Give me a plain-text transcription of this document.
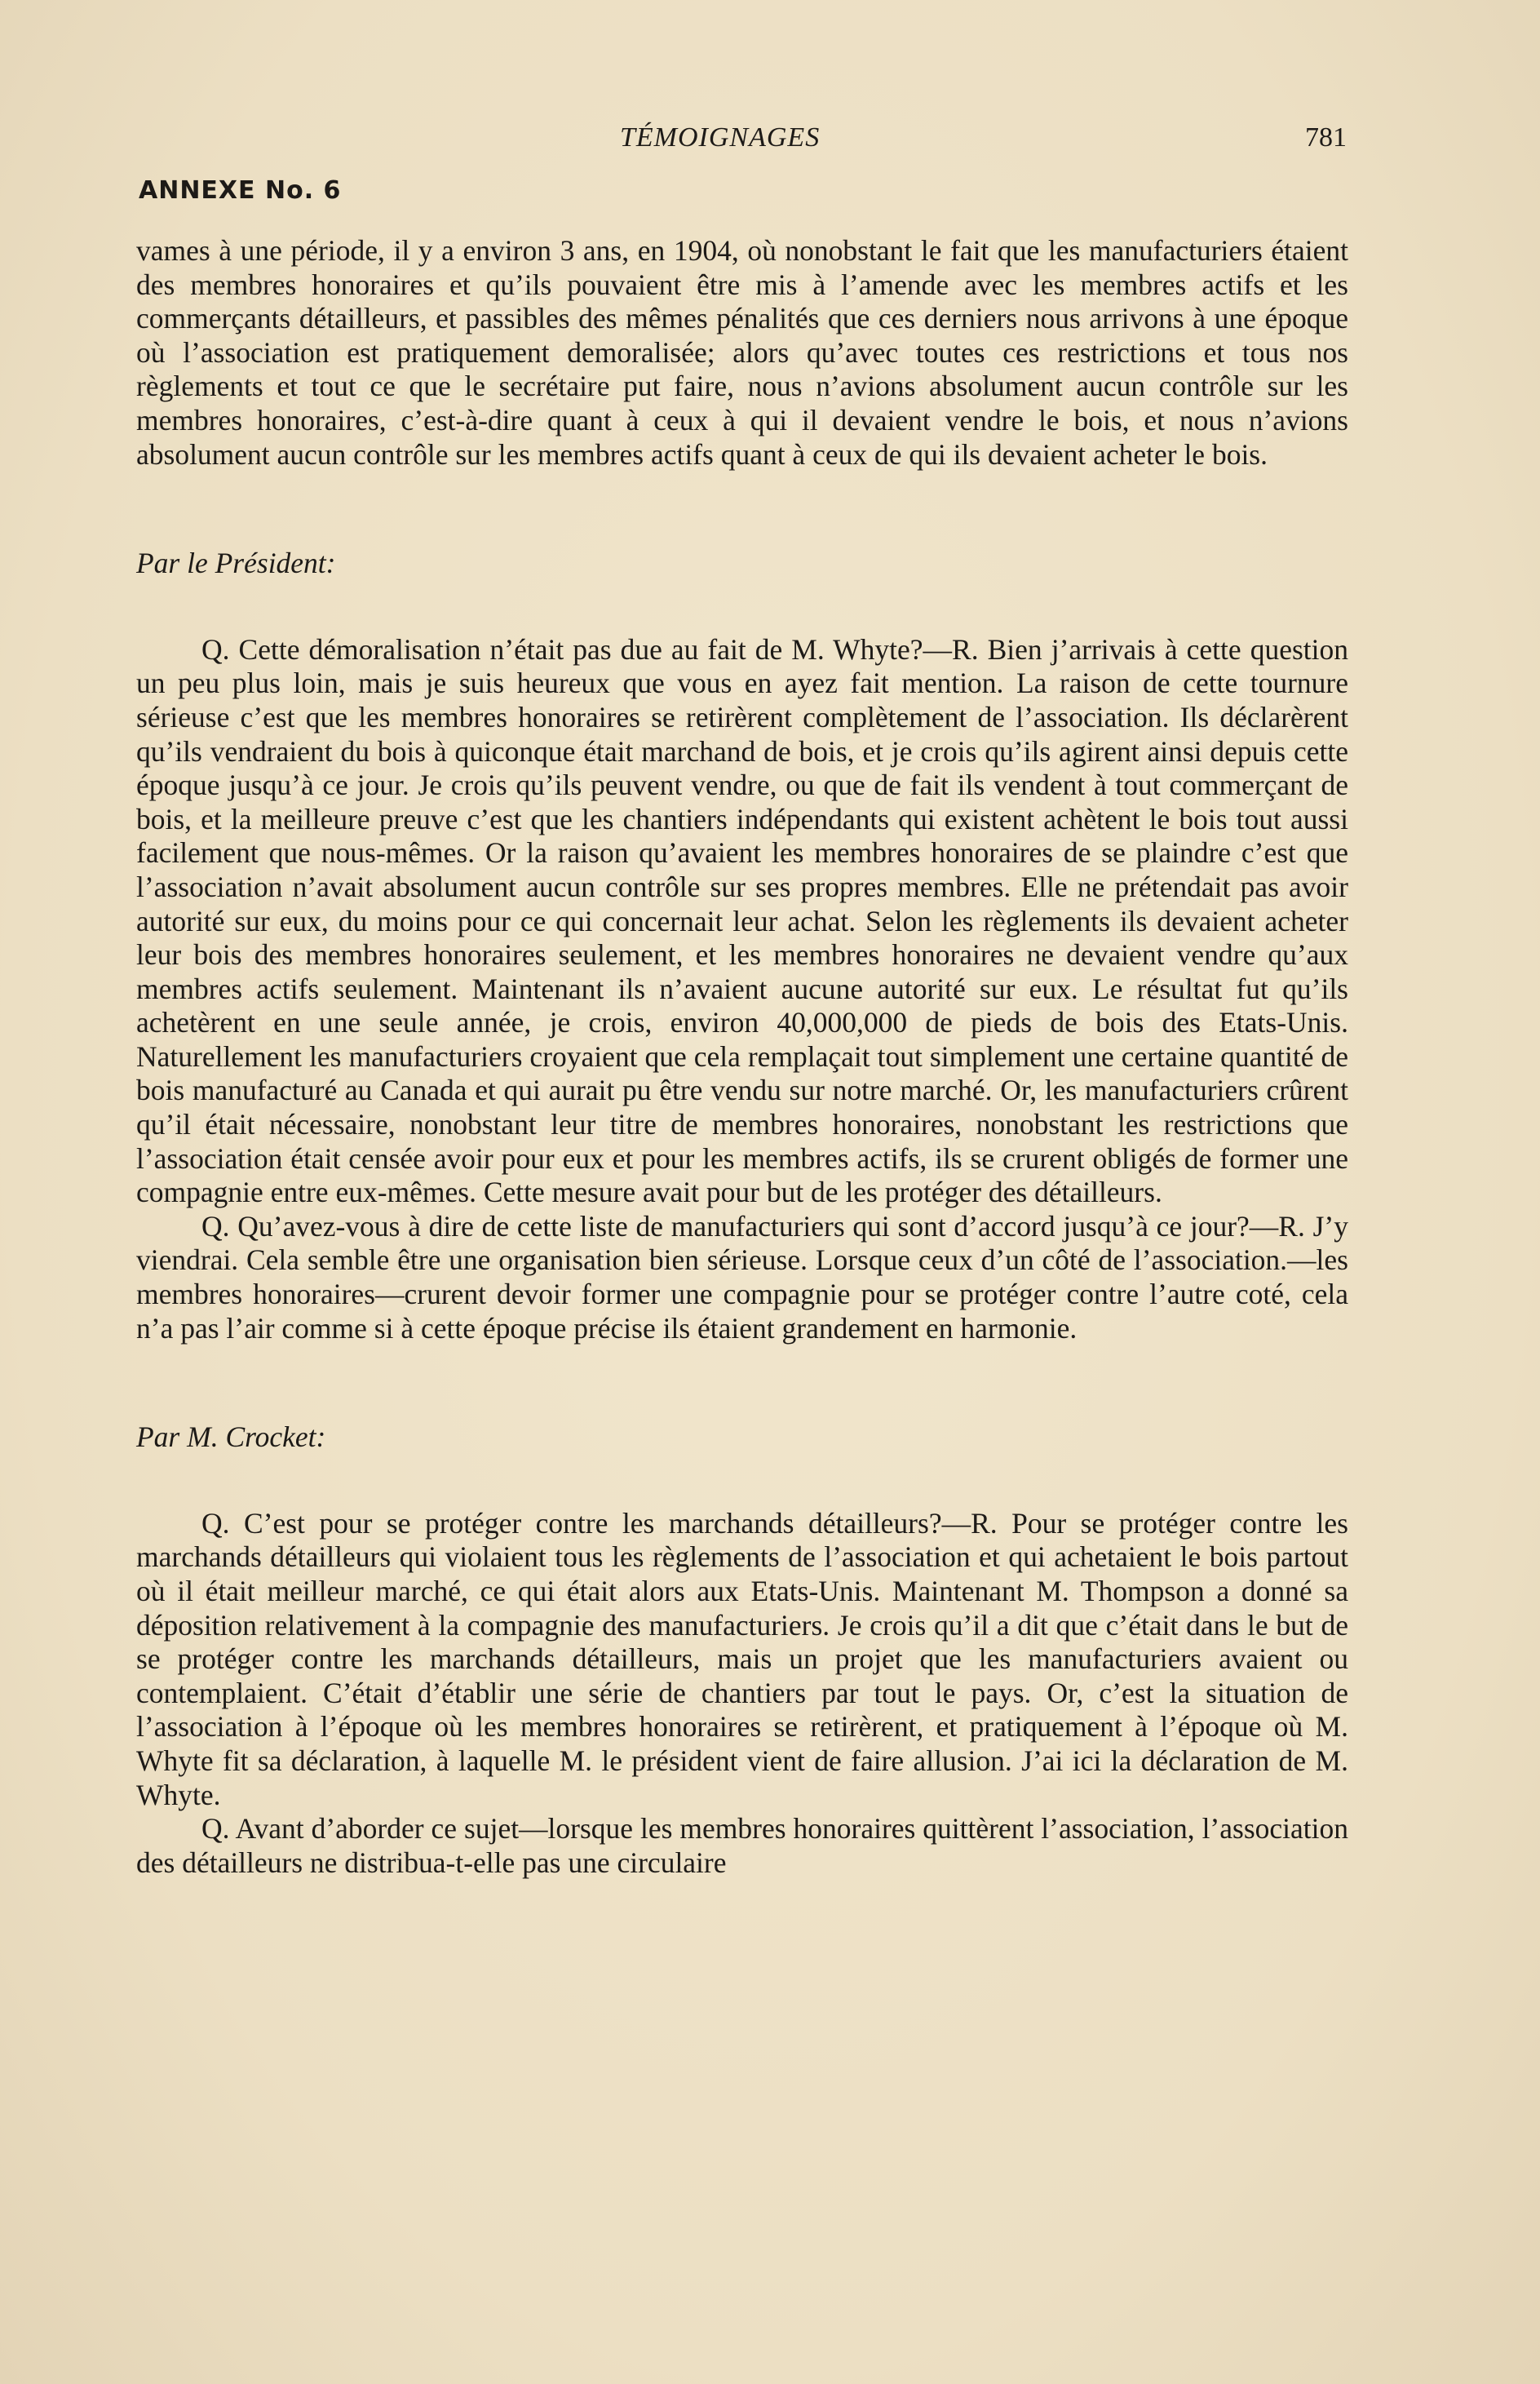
TÉMOIGNAGES	781
ANNEXE No. 6

vames à une période, il y a environ 3 ans, en 1904, où nonobstant le fait que les manufacturiers étaient des membres honoraires et qu’ils pouvaient être mis à l’amende avec les membres actifs et les commerçants détailleurs, et passibles des mêmes pénalités que ces derniers nous arrivons à une époque où l’association est pratiquement demoralisée; alors qu’avec toutes ces restrictions et tous nos règlements et tout ce que le secrétaire put faire, nous n’avions absolument aucun contrôle sur les membres honoraires, c’est-à-dire quant à ceux à qui il devaient vendre le bois, et nous n’avions absolument aucun contrôle sur les membres actifs quant à ceux de qui ils devaient acheter le bois.

Par le Président:

Q. Cette démoralisation n’était pas due au fait de M. Whyte?—R. Bien j’arrivais à cette question un peu plus loin, mais je suis heureux que vous en ayez fait mention. La raison de cette tournure sérieuse c’est que les membres honoraires se retirèrent complètement de l’association. Ils déclarèrent qu’ils vendraient du bois à quiconque était marchand de bois, et je crois qu’ils agirent ainsi depuis cette époque jusqu’à ce jour. Je crois qu’ils peuvent vendre, ou que de fait ils vendent à tout commerçant de bois, et la meilleure preuve c’est que les chantiers indépendants qui existent achètent le bois tout aussi facilement que nous-mêmes. Or la raison qu’avaient les membres honoraires de se plaindre c’est que l’association n’avait absolument aucun contrôle sur ses propres membres. Elle ne prétendait pas avoir autorité sur eux, du moins pour ce qui concernait leur achat. Selon les règlements ils devaient acheter leur bois des membres honoraires seulement, et les membres honoraires ne devaient vendre qu’aux membres actifs seulement. Maintenant ils n’avaient aucune autorité sur eux. Le résultat fut qu’ils achetèrent en une seule année, je crois, environ 40,000,000 de pieds de bois des Etats-Unis. Naturellement les manufacturiers croyaient que cela remplaçait tout simplement une certaine quantité de bois manufacturé au Canada et qui aurait pu être vendu sur notre marché. Or, les manufacturiers crûrent qu’il était nécessaire, nonobstant leur titre de membres honoraires, nonobstant les restrictions que l’association était censée avoir pour eux et pour les membres actifs, ils se crurent obligés de former une compagnie entre eux-mêmes. Cette mesure avait pour but de les protéger des détailleurs.

Q. Qu’avez-vous à dire de cette liste de manufacturiers qui sont d’accord jusqu’à ce jour?—R. J’y viendrai. Cela semble être une organisation bien sérieuse. Lorsque ceux d’un côté de l’association.—les membres honoraires—crurent devoir former une compagnie pour se protéger contre l’autre coté, cela n’a pas l’air comme si à cette époque précise ils étaient grandement en harmonie.

Par M. Crocket:

Q. C’est pour se protéger contre les marchands détailleurs?—R. Pour se protéger contre les marchands détailleurs qui violaient tous les règlements de l’association et qui achetaient le bois partout où il était meilleur marché, ce qui était alors aux Etats-Unis. Maintenant M. Thompson a donné sa déposition relativement à la compagnie des manufacturiers. Je crois qu’il a dit que c’était dans le but de se protéger contre les marchands détailleurs, mais un projet que les manufacturiers avaient ou contemplaient. C’était d’établir une série de chantiers par tout le pays. Or, c’est la situation de l’association à l’époque où les membres honoraires se retirèrent, et pratiquement à l’époque où M. Whyte fit sa déclaration, à laquelle M. le président vient de faire allusion. J’ai ici la déclaration de M. Whyte.

Q. Avant d’aborder ce sujet—lorsque les membres honoraires quittèrent l’association, l’association des détailleurs ne distribua-t-elle pas une circulaire
